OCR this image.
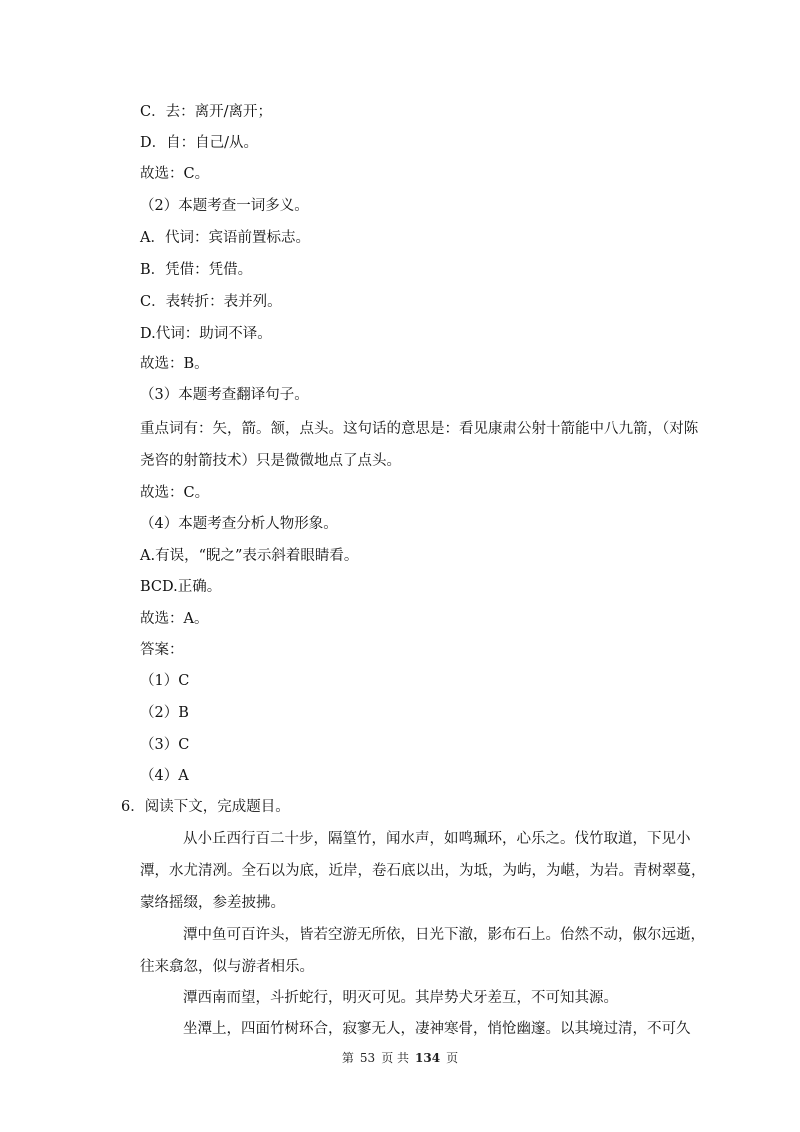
C．去：离开/离开；
D．自：自己/从。
故选：C。
（2）本题考查一词多义。
A．代词：宾语前置标志。
B．凭借：凭借。
C．表转折：表并列。
D.代词：助词不译。
故选：B。
（3）本题考查翻译句子。
重点词有：矢，箭。颔，点头。这句话的意思是：看见康肃公射十箭能中八九箭，（对陈
尧咨的射箭技术）只是微微地点了点头。
故选：C。
（4）本题考查分析人物形象。
A.有误，“睨之”表示斜着眼睛看。
BCD.正确。
故选：A。
答案：
（1）C
（2）B
（3）C
（4）A
6．阅读下文，完成题目。
从小丘西行百二十步，隔篁竹，闻水声，如鸣珮环，心乐之。伐竹取道，下见小
潭，水尤清冽。全石以为底，近岸，卷石底以出，为坻，为屿，为嵁，为岩。青树翠蔓，
蒙络摇缀，参差披拂。
潭中鱼可百许头，皆若空游无所依，日光下澈，影布石上。佁然不动，俶尔远逝，
往来翕忽，似与游者相乐。
潭西南而望，斗折蛇行，明灭可见。其岸势犬牙差互，不可知其源。
坐潭上，四面竹树环合，寂寥无人，凄神寒骨，悄怆幽邃。以其境过清，不可久
第 53 页 共 134 页
